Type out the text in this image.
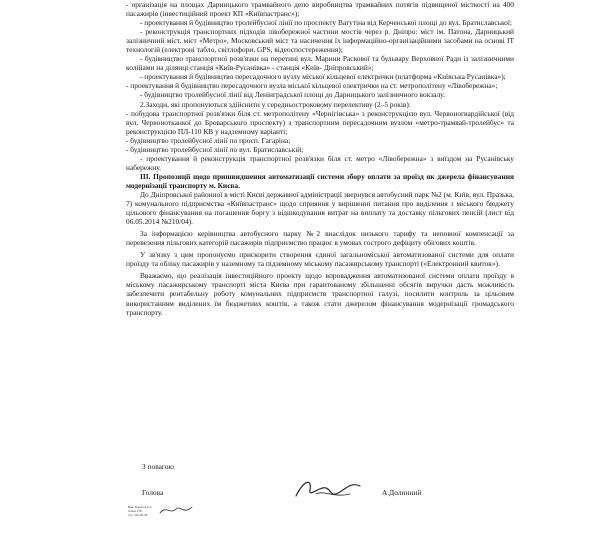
- організація на площах Дарницького трамвайного депо виробництва трамвайних потягів підвищеної місткості на 400 пасажирів (інвестиційний проект КП «Київпастранс»);

- проектування й будівництво тролейбусної лінії по проспекту Ватутіна від Керченської площі до вул. Братиславської;

- реконструкція транспортних підходів лівобережної частини мостів через р. Дніпро: міст ім. Патона, Дарницький залізничний міст, міст «Метро», Московський міст та насичення їх інформаційно-організаційними засобами на основі ІТ технологій (електроні табло, світлофори, GPS, відеоспостереження);

- будівництво транспортної розв'язки на перетині вул. Марини Раскової та бульвару Верховної Ради із залізничними колійами на ділянці станція «Київ-Русанівка» - станція «Київ- Дніпровський»;

- проектування й будівництво пересадочного вузлу міської кільцевої електрички (платформа «Київська Русанівка»);

- проектування й будівництво пересадочного вузла міської кільцевої електрички на ст. метрополітену «Лівобережна»;

- будівництво тролейбусної лінії від Ленінградської площі до Дарницького залізничного вокзалу.

2.Заходи, які пропонуються здійснити у середньостроковому перелективу (2–5 років):

- побудова транспортної розв'язки біля ст. метрополітену «Чернігівська» з реконструкцією вул. Червоногвардійської (від вул. Червонотканкої до Броварського проспекту) з транспортним пересадочним вузлом «метро-трамвай-тролейбус» та реконструкцією ПЛ-110 КВ у надземному варіанті;

- будівництво тролейбусної лінії по просп. Гагаріна;

- будівництво тролейбусної лінії по вул. Братиславській;

- проектування й реконструкція транспортної розв'язки біля ст. метро «Лівобережна» з виїздом на Русанівську набережну.

ІІІ. Пропозиції щодо пришвидшення автоматизації системи збору оплати за проїзд як джерела фінансування модернізації транспорту м. Києва.

До Дніпровської районної в місті Києві державної адміністрації звернувся автобусний парк №2 (м. Київ, вул. Празька, 7) комунального підприємства «Київпастранс» щодо сприяння у вирішенні питання про виділення з міського бюджету цільового фінансування на погашення боргу з відшкодування витрат на виплату та доставку пільгових пенсій (лист від 06.05.2014 №210/04).

За інформацією керівництва автобусного парку №2 внаслідок низького тарифу та неповної компенсації за перевезення пільгових категорій пасажирів підприємство працює в умовах гострого дефіциту обігових коштів.

У зв'язку з цим пропонуємо прискорити створення єдиної загальноміської автоматизованої системи для оплати проїзду та обліку пасажирів у наземному та підземному міському пасажирському транспорті («Електронний квиток»).

Вважаємо, що реалізація інвестиційного проекту щодо впровадження автоматизованої системи оплати проїзду в міському пасажирському транспорті міста Києва при гарантованому збільшенні обсягів виручки дасть можливість забезпечити рентабельну роботу комунальних підприємств транспортної галузі, посилити контроль за цільовим використанням виділених їм бюджетних коштів, а також стати джерелом фінансування модернізації громадського транспорту.

З повагою
Голова	А.Долинний
Вик. Борисов Г.А.
Лобко Г.В.
тел. 559-00-58
